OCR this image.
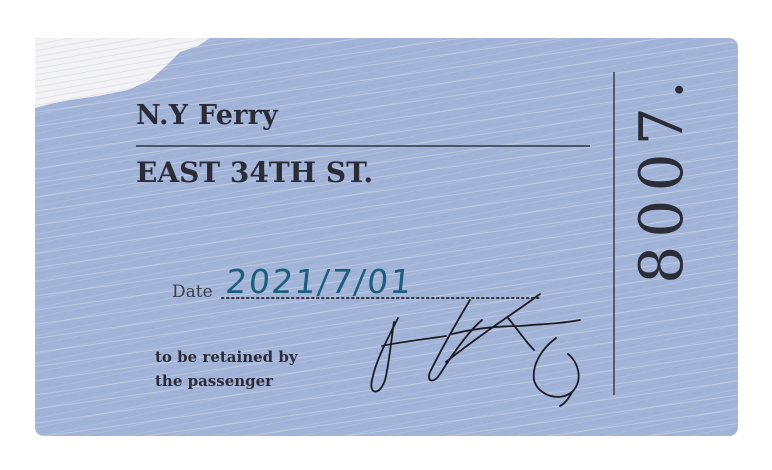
N.Y Ferry
EAST 34TH ST.
Date 2021/7/01
to be retained by
the passenger
8007.
